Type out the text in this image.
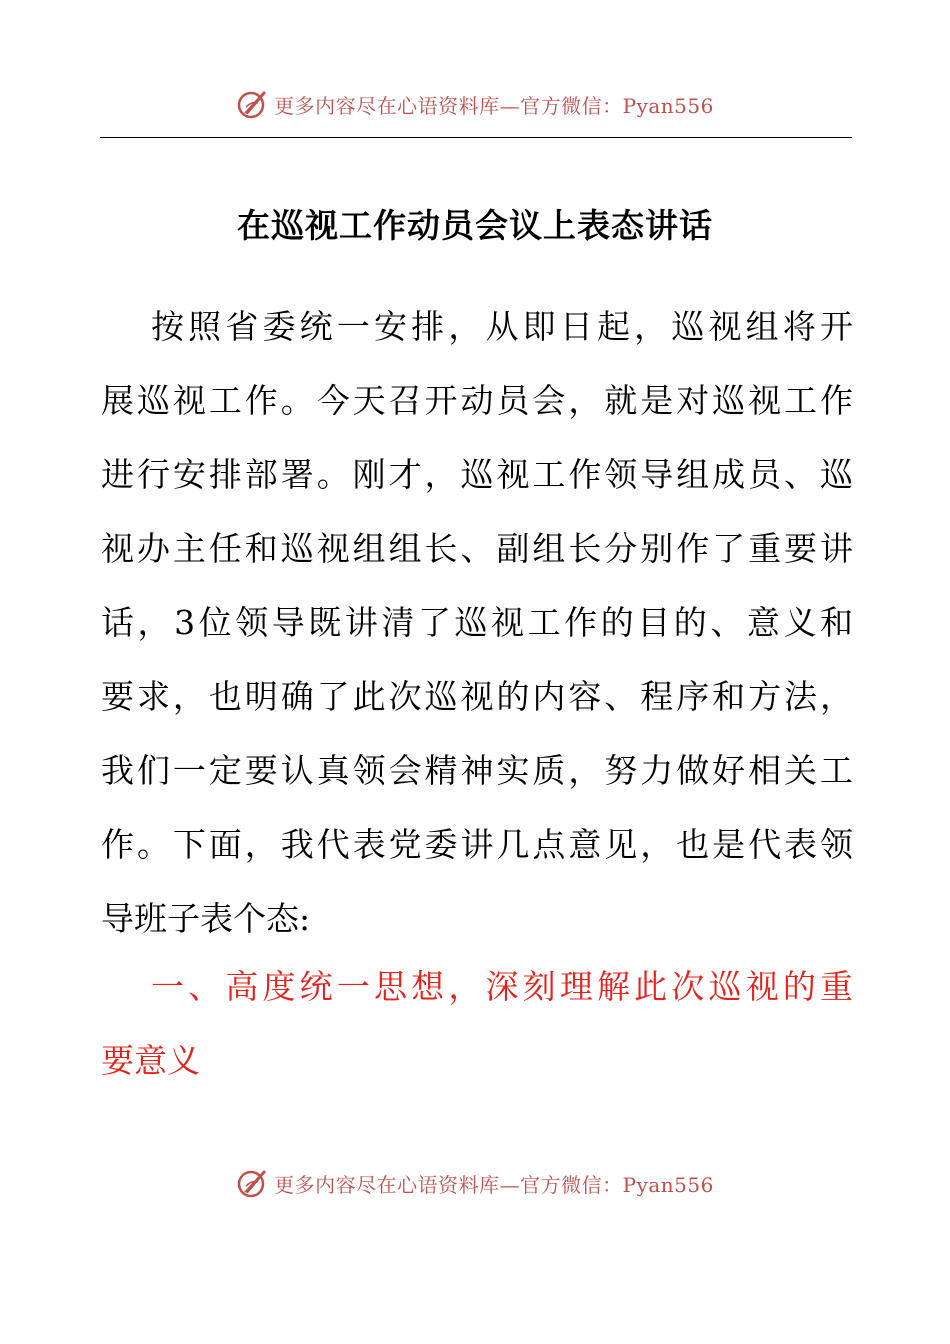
更多内容尽在心语资料库—官方微信：Pyan556
在巡视工作动员会议上表态讲话
按照省委统一安排，从即日起，巡视组将开
展巡视工作。今天召开动员会，就是对巡视工作
进行安排部署。刚才，巡视工作领导组成员、巡
视办主任和巡视组组长、副组长分别作了重要讲
话，3位领导既讲清了巡视工作的目的、意义和
要求，也明确了此次巡视的内容、程序和方法，
我们一定要认真领会精神实质，努力做好相关工
作。下面，我代表党委讲几点意见，也是代表领
导班子表个态:
一、高度统一思想，深刻理解此次巡视的重
要意义
更多内容尽在心语资料库—官方微信：Pyan556
